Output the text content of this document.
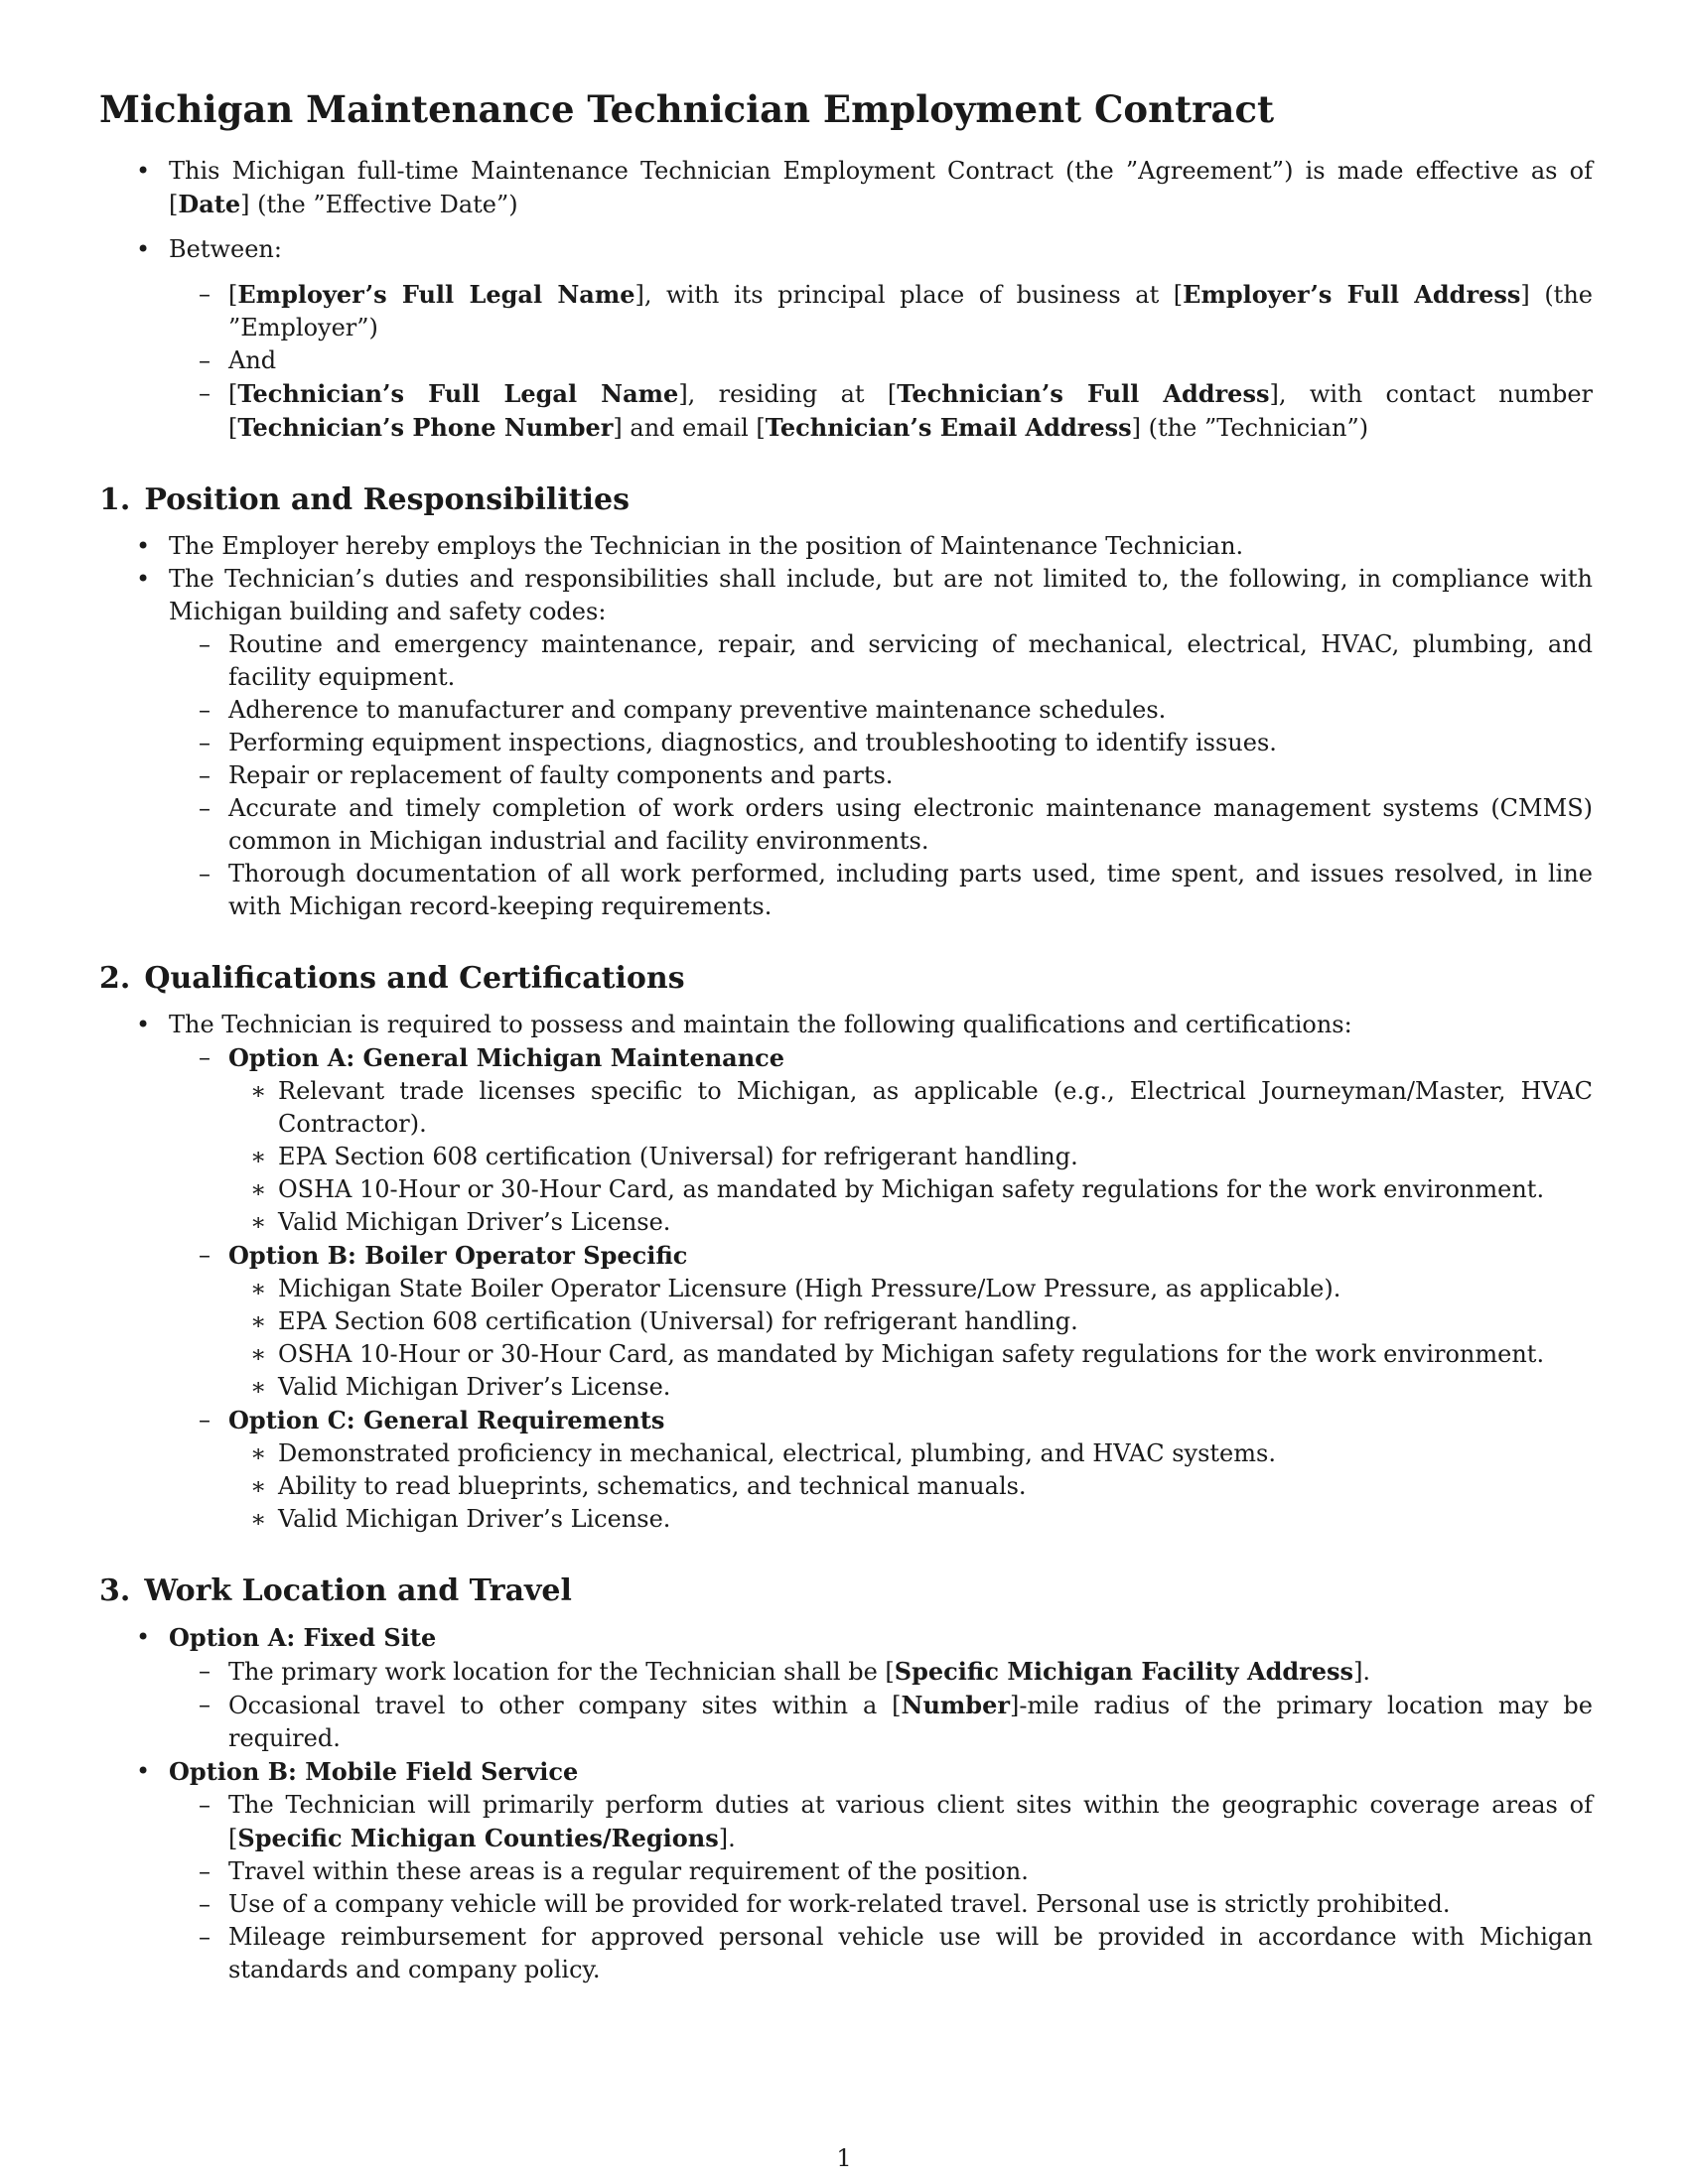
Michigan Maintenance Technician Employment Contract
• This Michigan full-time Maintenance Technician Employment Contract (the ”Agreement”) is made effective as of [Date] (the ”Effective Date”)
• Between:
– [Employer’s Full Legal Name], with its principal place of business at [Employer’s Full Address] (the ”Employer”)
– And
– [Technician’s Full Legal Name], residing at [Technician’s Full Address], with contact number [Technician’s Phone Number] and email [Technician’s Email Address] (the ”Technician”)
1. Position and Responsibilities
• The Employer hereby employs the Technician in the position of Maintenance Technician.
• The Technician’s duties and responsibilities shall include, but are not limited to, the following, in compliance with Michigan building and safety codes:
– Routine and emergency maintenance, repair, and servicing of mechanical, electrical, HVAC, plumbing, and facility equipment.
– Adherence to manufacturer and company preventive maintenance schedules.
– Performing equipment inspections, diagnostics, and troubleshooting to identify issues.
– Repair or replacement of faulty components and parts.
– Accurate and timely completion of work orders using electronic maintenance management systems (CMMS) common in Michigan industrial and facility environments.
– Thorough documentation of all work performed, including parts used, time spent, and issues resolved, in line with Michigan record-keeping requirements.
2. Qualifications and Certifications
• The Technician is required to possess and maintain the following qualifications and certifications:
– Option A: General Michigan Maintenance
∗ Relevant trade licenses specific to Michigan, as applicable (e.g., Electrical Journeyman/Master, HVAC Contractor).
∗ EPA Section 608 certification (Universal) for refrigerant handling.
∗ OSHA 10-Hour or 30-Hour Card, as mandated by Michigan safety regulations for the work environment.
∗ Valid Michigan Driver’s License.
– Option B: Boiler Operator Specific
∗ Michigan State Boiler Operator Licensure (High Pressure/Low Pressure, as applicable).
∗ EPA Section 608 certification (Universal) for refrigerant handling.
∗ OSHA 10-Hour or 30-Hour Card, as mandated by Michigan safety regulations for the work environment.
∗ Valid Michigan Driver’s License.
– Option C: General Requirements
∗ Demonstrated proficiency in mechanical, electrical, plumbing, and HVAC systems.
∗ Ability to read blueprints, schematics, and technical manuals.
∗ Valid Michigan Driver’s License.
3. Work Location and Travel
• Option A: Fixed Site
– The primary work location for the Technician shall be [Specific Michigan Facility Address].
– Occasional travel to other company sites within a [Number]-mile radius of the primary location may be required.
• Option B: Mobile Field Service
– The Technician will primarily perform duties at various client sites within the geographic coverage areas of [Specific Michigan Counties/Regions].
– Travel within these areas is a regular requirement of the position.
– Use of a company vehicle will be provided for work-related travel. Personal use is strictly prohibited.
– Mileage reimbursement for approved personal vehicle use will be provided in accordance with Michigan standards and company policy.
1
